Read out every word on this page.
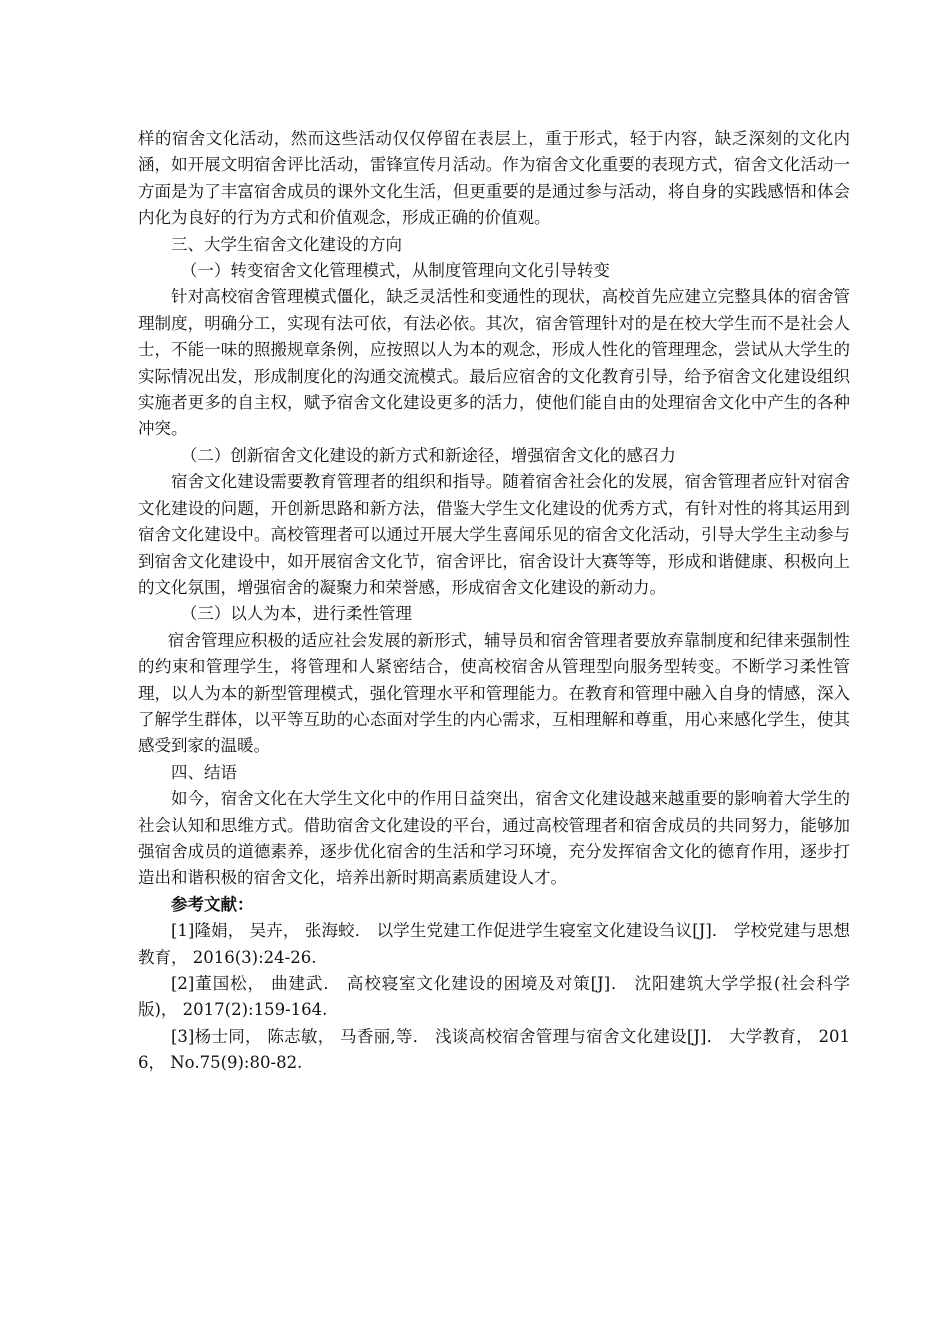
样的宿舍文化活动，然而这些活动仅仅停留在表层上，重于形式，轻于内容，缺乏深刻的文化内涵，如开展文明宿舍评比活动，雷锋宣传月活动。作为宿舍文化重要的表现方式，宿舍文化活动一方面是为了丰富宿舍成员的课外文化生活，但更重要的是通过参与活动，将自身的实践感悟和体会内化为良好的行为方式和价值观念，形成正确的价值观。

三、大学生宿舍文化建设的方向

（一）转变宿舍文化管理模式，从制度管理向文化引导转变

针对高校宿舍管理模式僵化，缺乏灵活性和变通性的现状，高校首先应建立完整具体的宿舍管理制度，明确分工，实现有法可依，有法必依。其次，宿舍管理针对的是在校大学生而不是社会人士，不能一味的照搬规章条例，应按照以人为本的观念，形成人性化的管理理念，尝试从大学生的实际情况出发，形成制度化的沟通交流模式。最后应宿舍的文化教育引导，给予宿舍文化建设组织实施者更多的自主权，赋予宿舍文化建设更多的活力，使他们能自由的处理宿舍文化中产生的各种冲突。

（二）创新宿舍文化建设的新方式和新途径，增强宿舍文化的感召力

宿舍文化建设需要教育管理者的组织和指导。随着宿舍社会化的发展，宿舍管理者应针对宿舍文化建设的问题，开创新思路和新方法，借鉴大学生文化建设的优秀方式，有针对性的将其运用到宿舍文化建设中。高校管理者可以通过开展大学生喜闻乐见的宿舍文化活动，引导大学生主动参与到宿舍文化建设中，如开展宿舍文化节，宿舍评比，宿舍设计大赛等等，形成和谐健康、积极向上的文化氛围，增强宿舍的凝聚力和荣誉感，形成宿舍文化建设的新动力。

（三）以人为本，进行柔性管理

宿舍管理应积极的适应社会发展的新形式，辅导员和宿舍管理者要放弃靠制度和纪律来强制性的约束和管理学生，将管理和人紧密结合，使高校宿舍从管理型向服务型转变。不断学习柔性管理，以人为本的新型管理模式，强化管理水平和管理能力。在教育和管理中融入自身的情感，深入了解学生群体，以平等互助的心态面对学生的内心需求，互相理解和尊重，用心来感化学生，使其感受到家的温暖。

四、结语

如今，宿舍文化在大学生文化中的作用日益突出，宿舍文化建设越来越重要的影响着大学生的社会认知和思维方式。借助宿舍文化建设的平台，通过高校管理者和宿舍成员的共同努力，能够加强宿舍成员的道德素养，逐步优化宿舍的生活和学习环境，充分发挥宿舍文化的德育作用，逐步打造出和谐积极的宿舍文化，培养出新时期高素质建设人才。

参考文献：

[1]隆娟， 吴卉， 张海蛟． 以学生党建工作促进学生寝室文化建设刍议[J]． 学校党建与思想教育， 2016(3):24-26.

[2]董国松， 曲建武． 高校寝室文化建设的困境及对策[J]． 沈阳建筑大学学报(社会科学版)， 2017(2):159-164.

[3]杨士同， 陈志敏， 马香丽,等． 浅谈高校宿舍管理与宿舍文化建设[J]． 大学教育， 2016， No.75(9):80-82.
